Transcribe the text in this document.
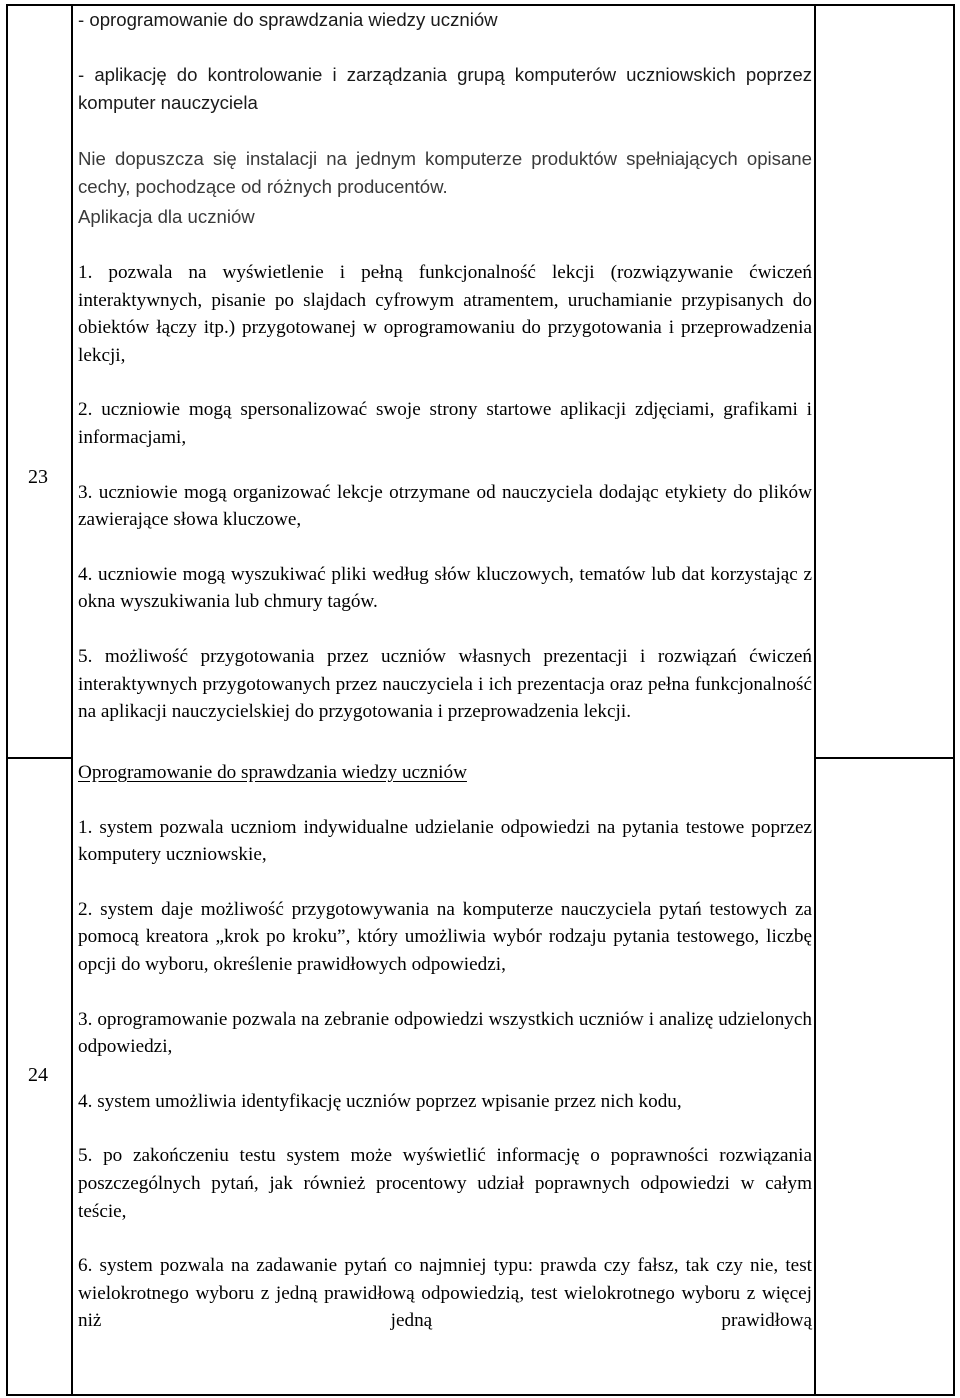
23
24

- oprogramowanie do sprawdzania wiedzy uczniów

- aplikację do kontrolowanie i zarządzania grupą komputerów uczniowskich poprzez komputer nauczyciela

Nie dopuszcza się instalacji na jednym komputerze produktów spełniających opisane cechy, pochodzące od różnych producentów.

Aplikacja dla uczniów

1. pozwala na wyświetlenie i pełną funkcjonalność lekcji (rozwiązywanie ćwiczeń interaktywnych, pisanie po slajdach cyfrowym atramentem, uruchamianie przypisanych do obiektów łączy itp.) przygotowanej w oprogramowaniu do przygotowania i przeprowadzenia lekcji,

2. uczniowie mogą spersonalizować swoje strony startowe aplikacji zdjęciami, grafikami i informacjami,

3. uczniowie mogą organizować lekcje otrzymane od nauczyciela dodając etykiety do plików zawierające słowa kluczowe,

4. uczniowie mogą wyszukiwać pliki według słów kluczowych, tematów lub dat korzystając z okna wyszukiwania lub chmury tagów.

5. możliwość przygotowania przez uczniów własnych prezentacji i rozwiązań ćwiczeń interaktywnych przygotowanych przez nauczyciela i ich prezentacja oraz pełna funkcjonalność na aplikacji nauczycielskiej do przygotowania i przeprowadzenia lekcji.

Oprogramowanie do sprawdzania wiedzy uczniów

1. system pozwala uczniom indywidualne udzielanie odpowiedzi na pytania testowe poprzez komputery uczniowskie,

2. system daje możliwość przygotowywania na komputerze nauczyciela pytań testowych za pomocą kreatora „krok po kroku”, który umożliwia wybór rodzaju pytania testowego, liczbę opcji do wyboru, określenie prawidłowych odpowiedzi,

3. oprogramowanie pozwala na zebranie odpowiedzi wszystkich uczniów i analizę udzielonych odpowiedzi,

4. system umożliwia identyfikację uczniów poprzez wpisanie przez nich kodu,

5. po zakończeniu testu system może wyświetlić informację o poprawności rozwiązania poszczególnych pytań, jak również procentowy udział poprawnych odpowiedzi w całym teście,

6. system pozwala na zadawanie pytań co najmniej typu: prawda czy fałsz, tak czy nie, test wielokrotnego wyboru z jedną prawidłową odpowiedzią, test wielokrotnego wyboru z więcej niż jedną prawidłową
